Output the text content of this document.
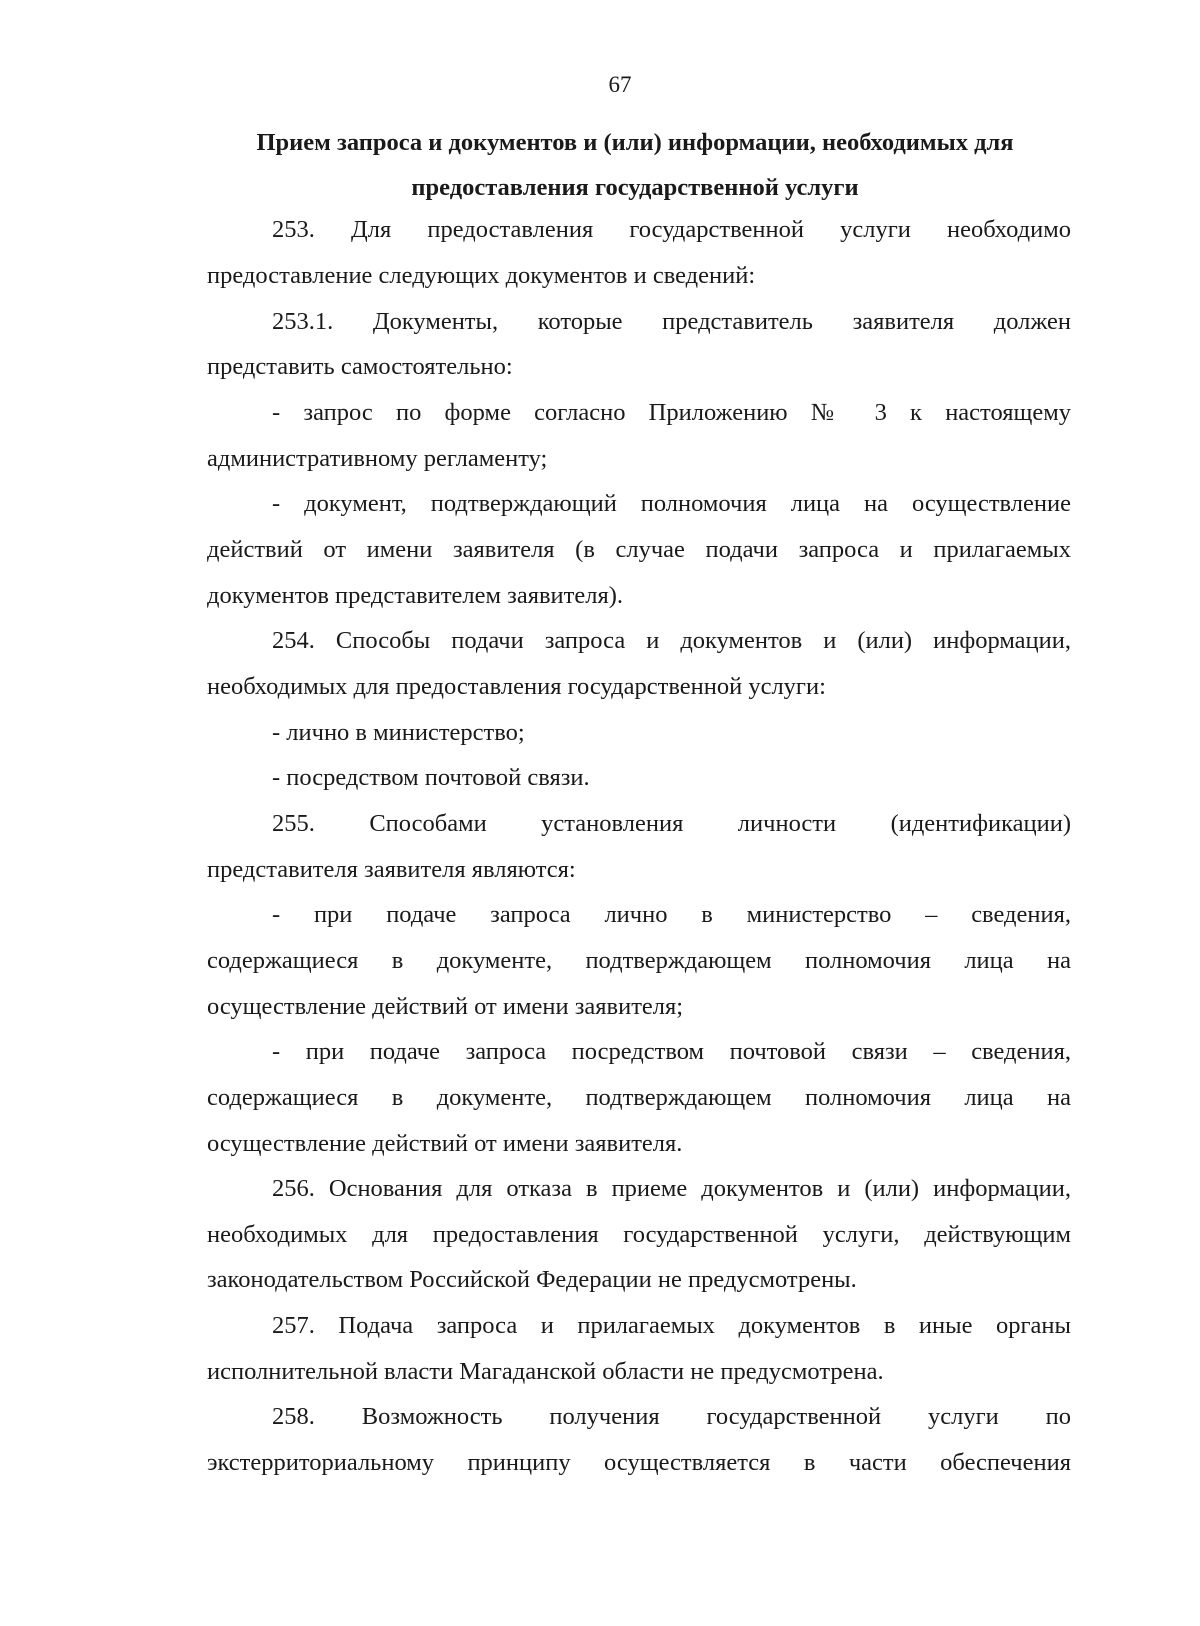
67
Прием запроса и документов и (или) информации, необходимых для
предоставления государственной услуги
253. Для предоставления государственной услуги необходимо
предоставление следующих документов и сведений:
253.1. Документы, которые представитель заявителя должен
представить самостоятельно:
- запрос по форме согласно Приложению № 3 к настоящему
административному регламенту;
- документ, подтверждающий полномочия лица на осуществление
действий от имени заявителя (в случае подачи запроса и прилагаемых
документов представителем заявителя).
254. Способы подачи запроса и документов и (или) информации,
необходимых для предоставления государственной услуги:
- лично в министерство;
- посредством почтовой связи.
255. Способами установления личности (идентификации)
представителя заявителя являются:
- при подаче запроса лично в министерство – сведения,
содержащиеся в документе, подтверждающем полномочия лица на
осуществление действий от имени заявителя;
- при подаче запроса посредством почтовой связи – сведения,
содержащиеся в документе, подтверждающем полномочия лица на
осуществление действий от имени заявителя.
256. Основания для отказа в приеме документов и (или) информации,
необходимых для предоставления государственной услуги, действующим
законодательством Российской Федерации не предусмотрены.
257. Подача запроса и прилагаемых документов в иные органы
исполнительной власти Магаданской области не предусмотрена.
258. Возможность получения государственной услуги по
экстерриториальному принципу осуществляется в части обеспечения
